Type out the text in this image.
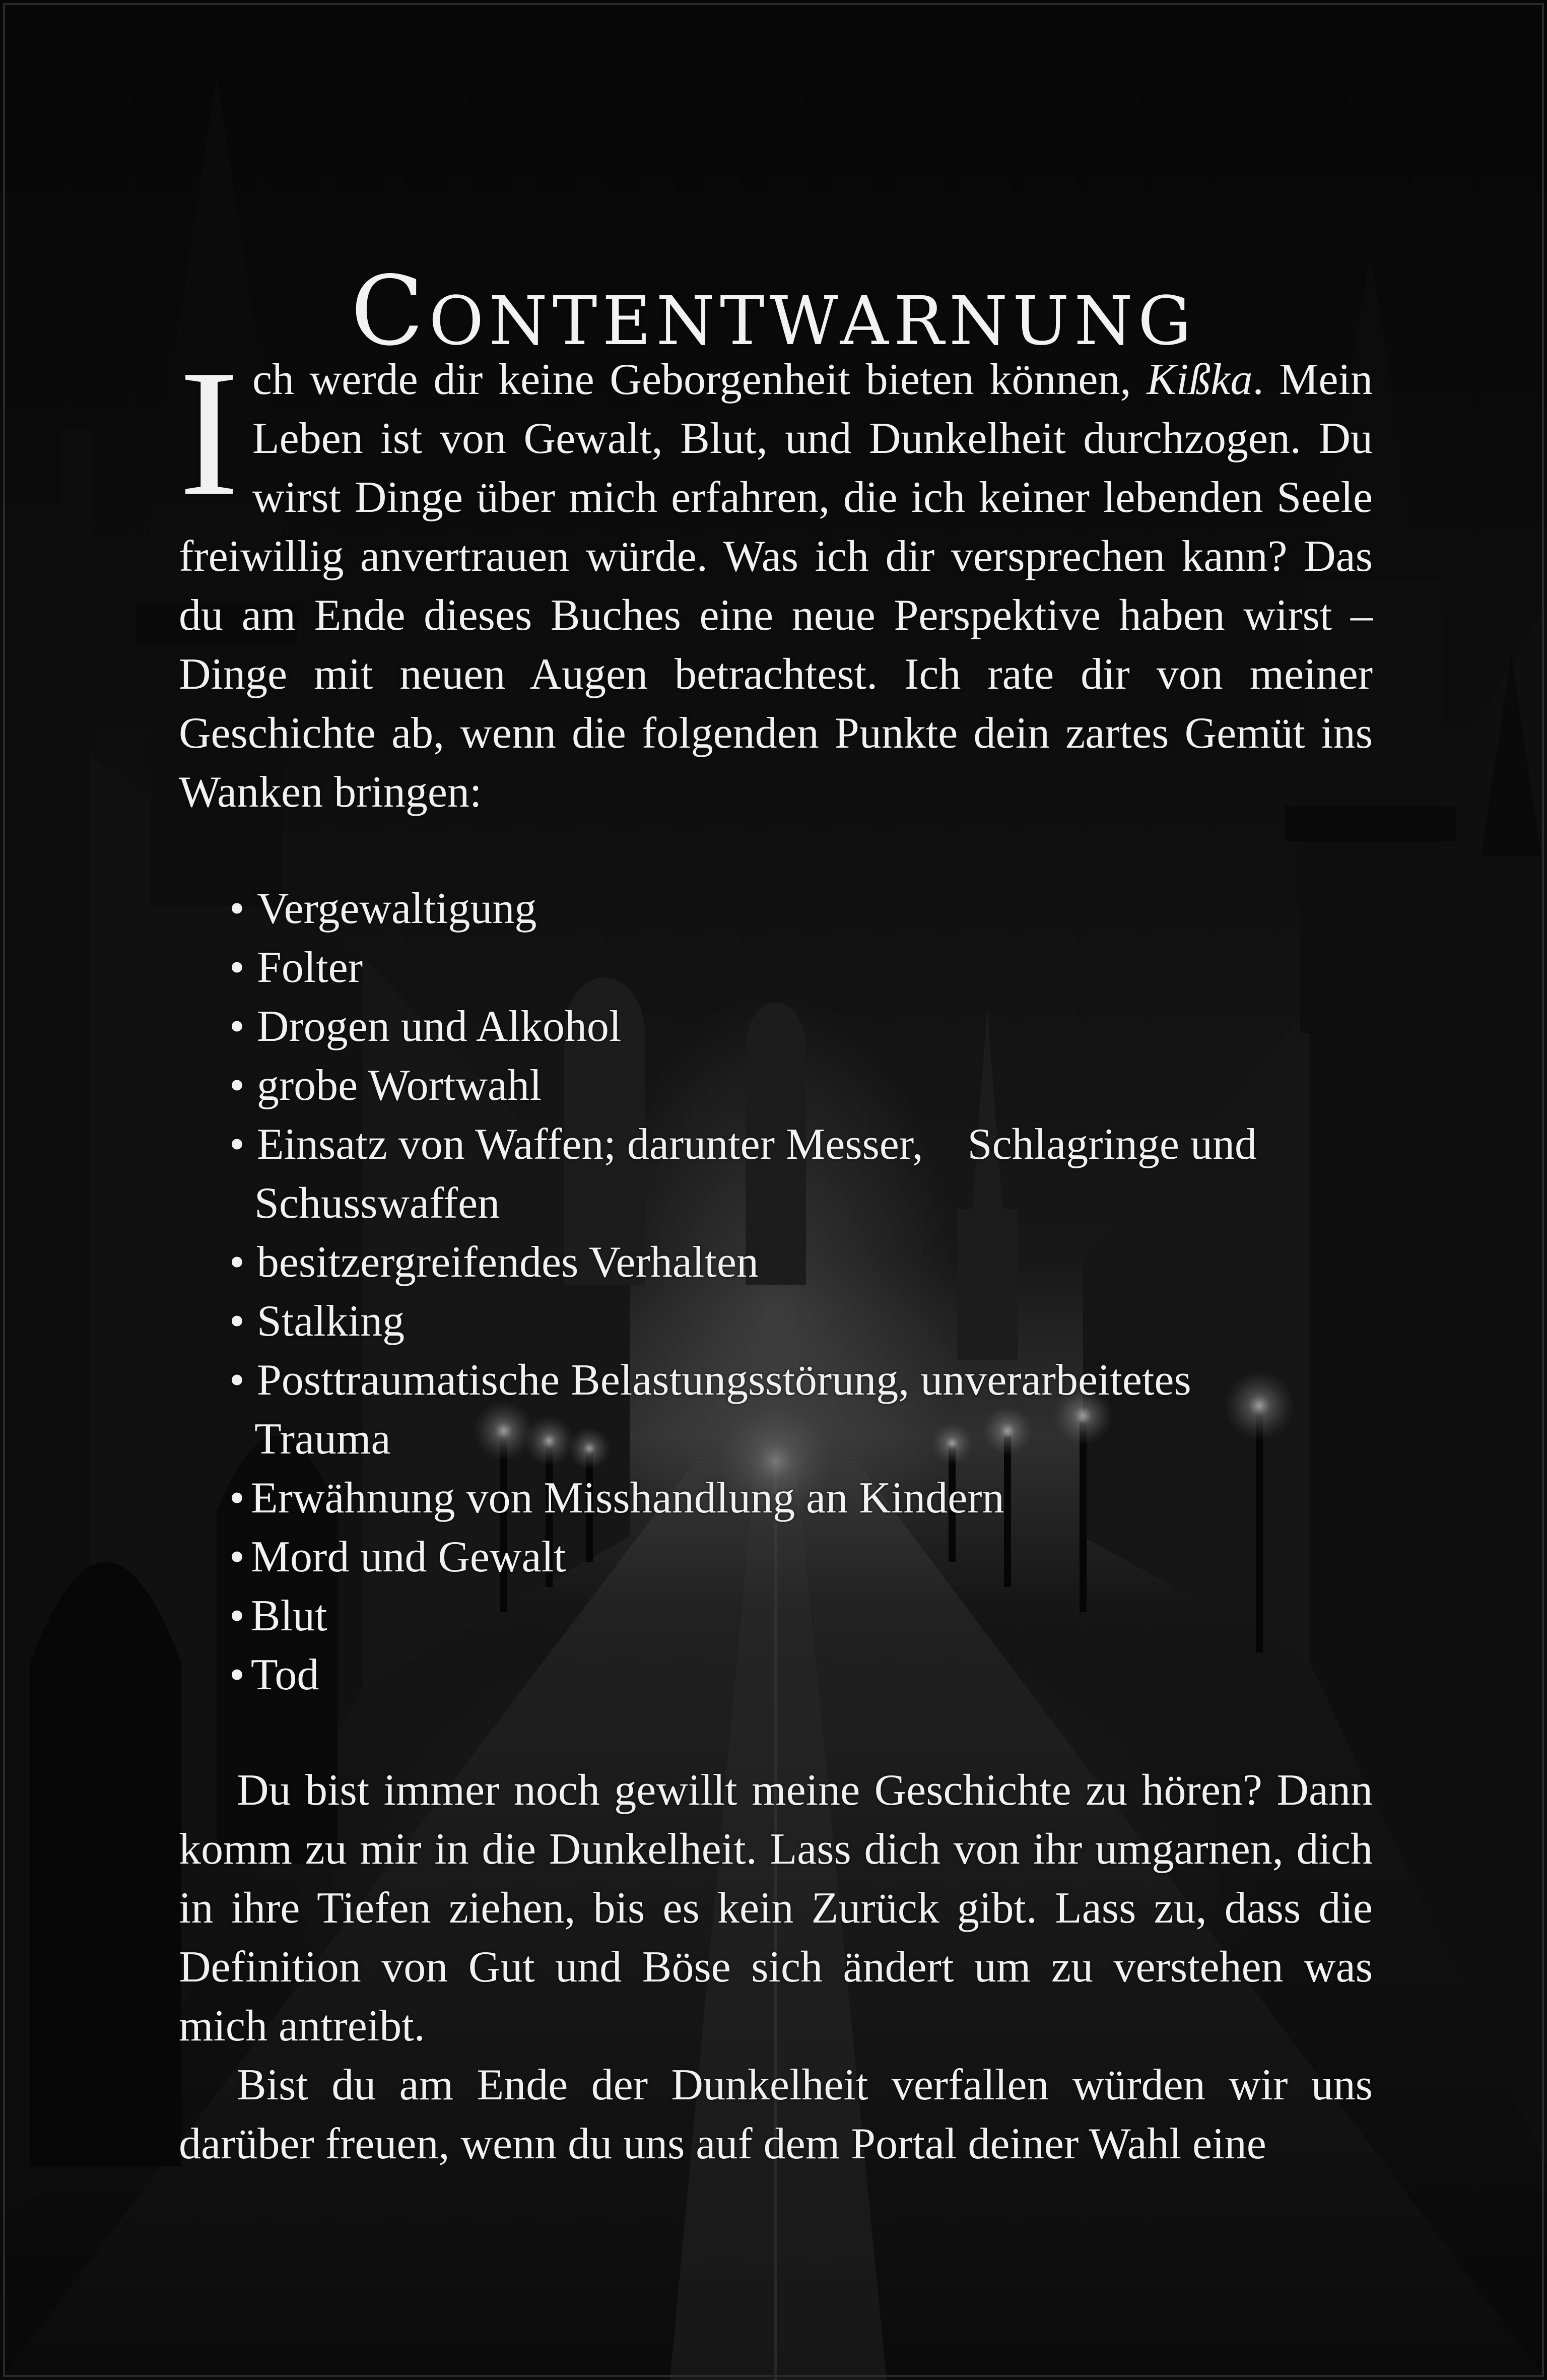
Contentwarnung

Ich werde dir keine Geborgenheit bieten können, Kißka. Mein Leben ist von Gewalt, Blut, und Dunkelheit durchzogen. Du wirst Dinge über mich erfahren, die ich keiner lebenden Seele freiwillig anvertrauen würde. Was ich dir versprechen kann? Das du am Ende dieses Buches eine neue Perspektive haben wirst – Dinge mit neuen Augen betrachtest. Ich rate dir von meiner Geschichte ab, wenn die folgenden Punkte dein zartes Gemüt ins Wanken bringen:

• Vergewaltigung
• Folter
• Drogen und Alkohol
• grobe Wortwahl
• Einsatz von Waffen; darunter Messer,    Schlagringe und
Schusswaffen
• besitzergreifendes Verhalten
• Stalking
• Posttraumatische Belastungsstörung, unverarbeitetes
Trauma
• Erwähnung von Misshandlung an Kindern
• Mord und Gewalt
• Blut
• Tod

Du bist immer noch gewillt meine Geschichte zu hören? Dann komm zu mir in die Dunkelheit. Lass dich von ihr umgarnen, dich in ihre Tiefen ziehen, bis es kein Zurück gibt. Lass zu, dass die Definition von Gut und Böse sich ändert um zu verstehen was mich antreibt.

Bist du am Ende der Dunkelheit verfallen würden wir uns darüber freuen, wenn du uns auf dem Portal deiner Wahl eine
